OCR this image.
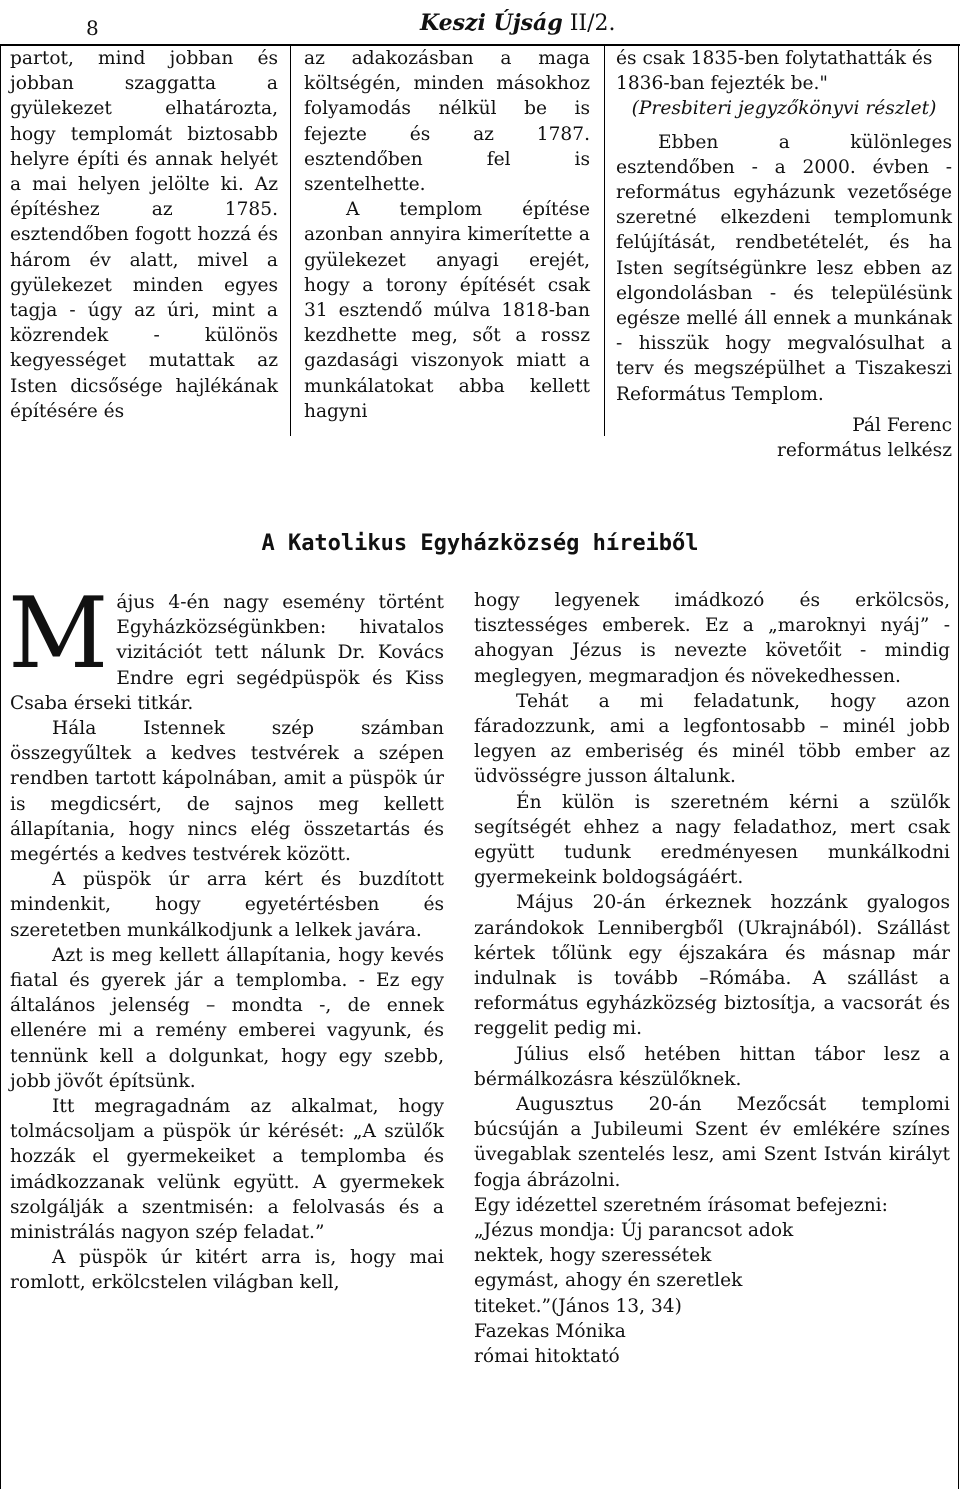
8	Keszi Újság II/2.

partot, mind jobban és jobban szaggatta a gyülekezet elhatározta, hogy templomát biztosabb helyre építi és annak helyét a mai helyen jelölte ki. Az építéshez az 1785. esztendőben fogott hozzá és három év alatt, mivel a gyülekezet minden egyes tagja - úgy az úri, mint a közrendek - különös kegyességet mutattak az Isten dicsősége hajlékának építésére és

az adakozásban a maga költségén, minden másokhoz folyamodás nélkül be is fejezte és az 1787. esztendőben fel is szentelhette.

A templom építése azonban annyira kimerítette a gyülekezet anyagi erejét, hogy a torony építését csak 31 esztendő múlva 1818-ban kezdhette meg, sőt a rossz gazdasági viszonyok miatt a munkálatokat abba kellett hagyni

és csak 1835-ben folytathatták és 1836-ban fejezték be."

(Presbiteri jegyzőkönyvi részlet)

Ebben a különleges esztendőben - a 2000. évben - református egyházunk vezetősége szeretné elkezdeni templomunk felújítását, rendbetételét, és ha Isten segítségünkre lesz ebben az elgondolásban - és településünk egésze mellé áll ennek a munkának - hisszük hogy megvalósulhat a terv és megszépülhet a Tiszakeszi Református Templom.

Pál Ferenc

református lelkész

A Katolikus Egyházközség híreiből

Május 4-én nagy esemény történt Egyházközségünkben: hivatalos vizitációt tett nálunk Dr. Kovács Endre egri segédpüspök és Kiss Csaba érseki titkár.

Hála Istennek szép számban összegyűltek a kedves testvérek a szépen rendben tartott kápolnában, amit a püspök úr is megdicsért, de sajnos meg kellett állapítania, hogy nincs elég összetartás és megértés a kedves testvérek között.

A püspök úr arra kért és buzdított mindenkit, hogy egyetértésben és szeretetben munkálkodjunk a lelkek javára.

Azt is meg kellett állapítania, hogy kevés fiatal és gyerek jár a templomba. - Ez egy általános jelenség – mondta -, de ennek ellenére mi a remény emberei vagyunk, és tennünk kell a dolgunkat, hogy egy szebb, jobb jövőt építsünk.

Itt megragadnám az alkalmat, hogy tolmácsoljam a püspök úr kérését: „A szülők hozzák el gyermekeiket a templomba és imádkozzanak velünk együtt. A gyermekek szolgálják a szentmisén: a felolvasás és a ministrálás nagyon szép feladat.”

A püspök úr kitért arra is, hogy mai romlott, erkölcstelen világban kell,

hogy legyenek imádkozó és erkölcsös, tisztességes emberek. Ez a „maroknyi nyáj” - ahogyan Jézus is nevezte követőit - mindig meglegyen, megmaradjon és növekedhessen.

Tehát a mi feladatunk, hogy azon fáradozzunk, ami a legfontosabb – minél jobb legyen az emberiség és minél több ember az üdvösségre jusson általunk.

Én külön is szeretném kérni a szülők segítségét ehhez a nagy feladathoz, mert csak együtt tudunk eredményesen munkálkodni gyermekeink boldogságáért.

Május 20-án érkeznek hozzánk gyalogos zarándokok Lennibergből (Ukrajnából). Szállást kértek tőlünk egy éjszakára és másnap már indulnak is tovább –Rómába. A szállást a református egyházközség biztosítja, a vacsorát és reggelit pedig mi.

Július első hetében hittan tábor lesz a bérmálkozásra készülőknek.

Augusztus 20-án Mezőcsát templomi búcsúján a Jubileumi Szent év emlékére színes üvegablak szentelés lesz, ami Szent István királyt fogja ábrázolni.

Egy idézettel szeretném írásomat befejezni:

„Jézus mondja: Új parancsot adok

nektek, hogy szeressétek

egymást, ahogy én szeretlek

titeket.”(János 13, 34)

Fazekas Mónika

római hitoktató
